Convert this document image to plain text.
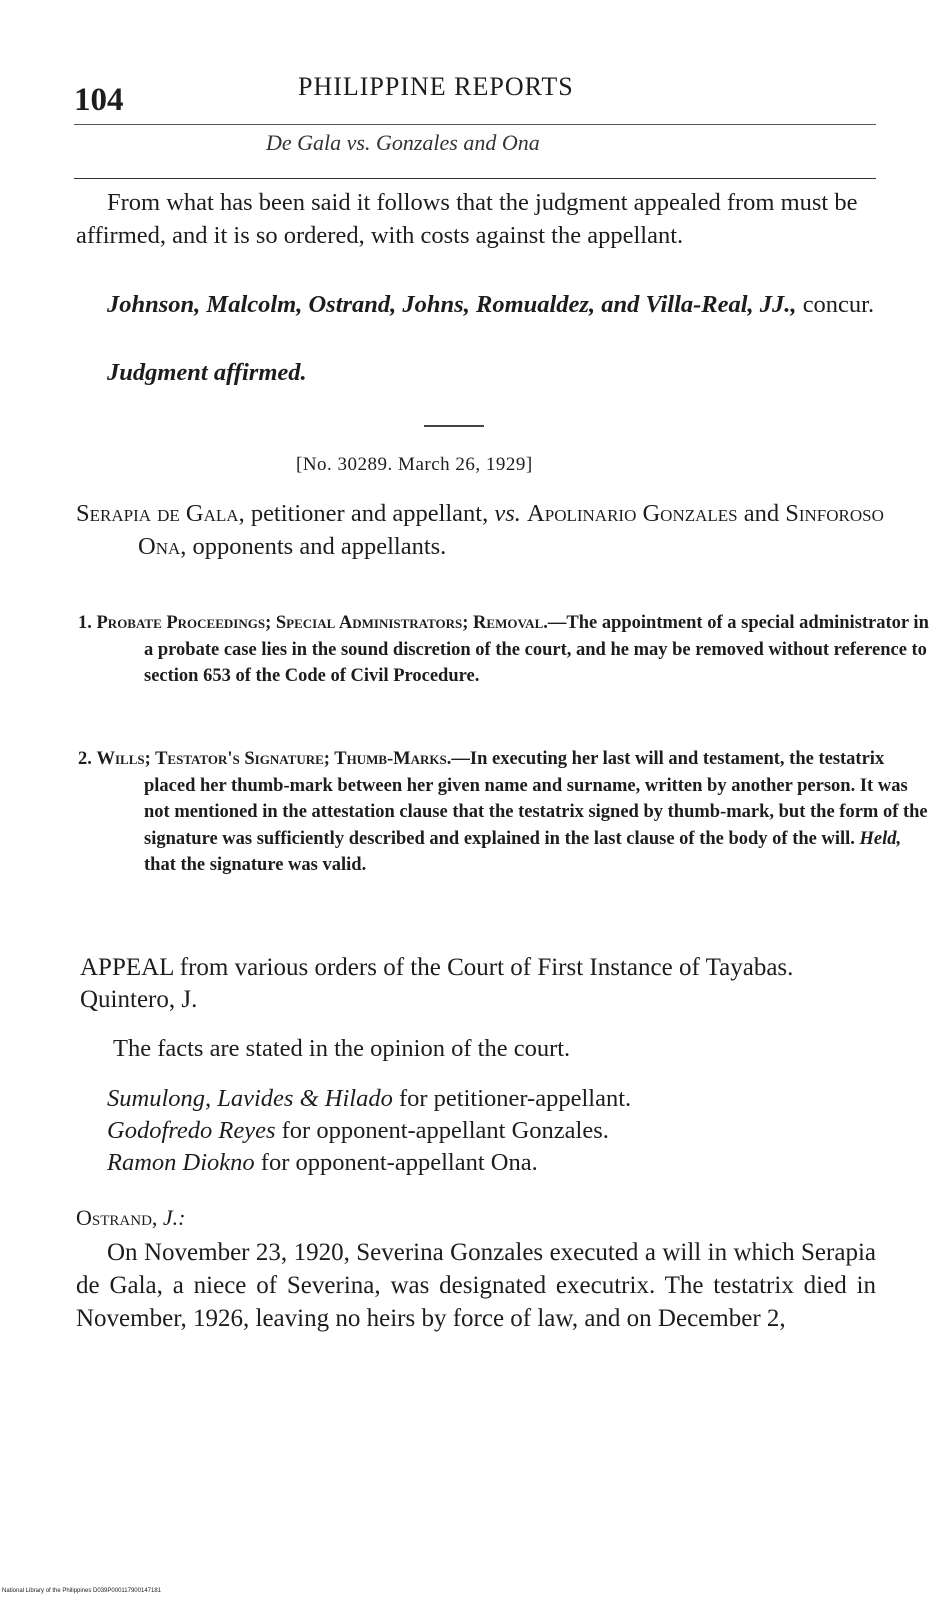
104	PHILIPPINE REPORTS
De Gala vs. Gonzales and Ona
From what has been said it follows that the judgment appealed from must be affirmed, and it is so ordered, with costs against the appellant.
Johnson, Malcolm, Ostrand, Johns, Romualdez, and Villa-Real, JJ., concur.
Judgment affirmed.
[No. 30289. March 26, 1929]
Serapia de Gala, petitioner and appellant, vs. Apolinario Gonzales and Sinforoso Ona, opponents and appellants.
1. Probate Proceedings; Special Administrators; Removal.—The appointment of a special administrator in a probate case lies in the sound discretion of the court, and he may be removed without reference to section 653 of the Code of Civil Procedure.
2. Wills; Testator's Signature; Thumb-Marks.—In executing her last will and testament, the testatrix placed her thumb-mark between her given name and surname, written by another person. It was not mentioned in the attestation clause that the testatrix signed by thumb-mark, but the form of the signature was sufficiently described and explained in the last clause of the body of the will. Held, that the signature was valid.
APPEAL from various orders of the Court of First Instance of Tayabas. Quintero, J.
The facts are stated in the opinion of the court.
Sumulong, Lavides & Hilado for petitioner-appellant.
Godofredo Reyes for opponent-appellant Gonzales.
Ramon Diokno for opponent-appellant Ona.
Ostrand, J.:
On November 23, 1920, Severina Gonzales executed a will in which Serapia de Gala, a niece of Severina, was designated executrix. The testatrix died in November, 1926, leaving no heirs by force of law, and on December 2,
National Library of the Philippines D039P000117900147181
